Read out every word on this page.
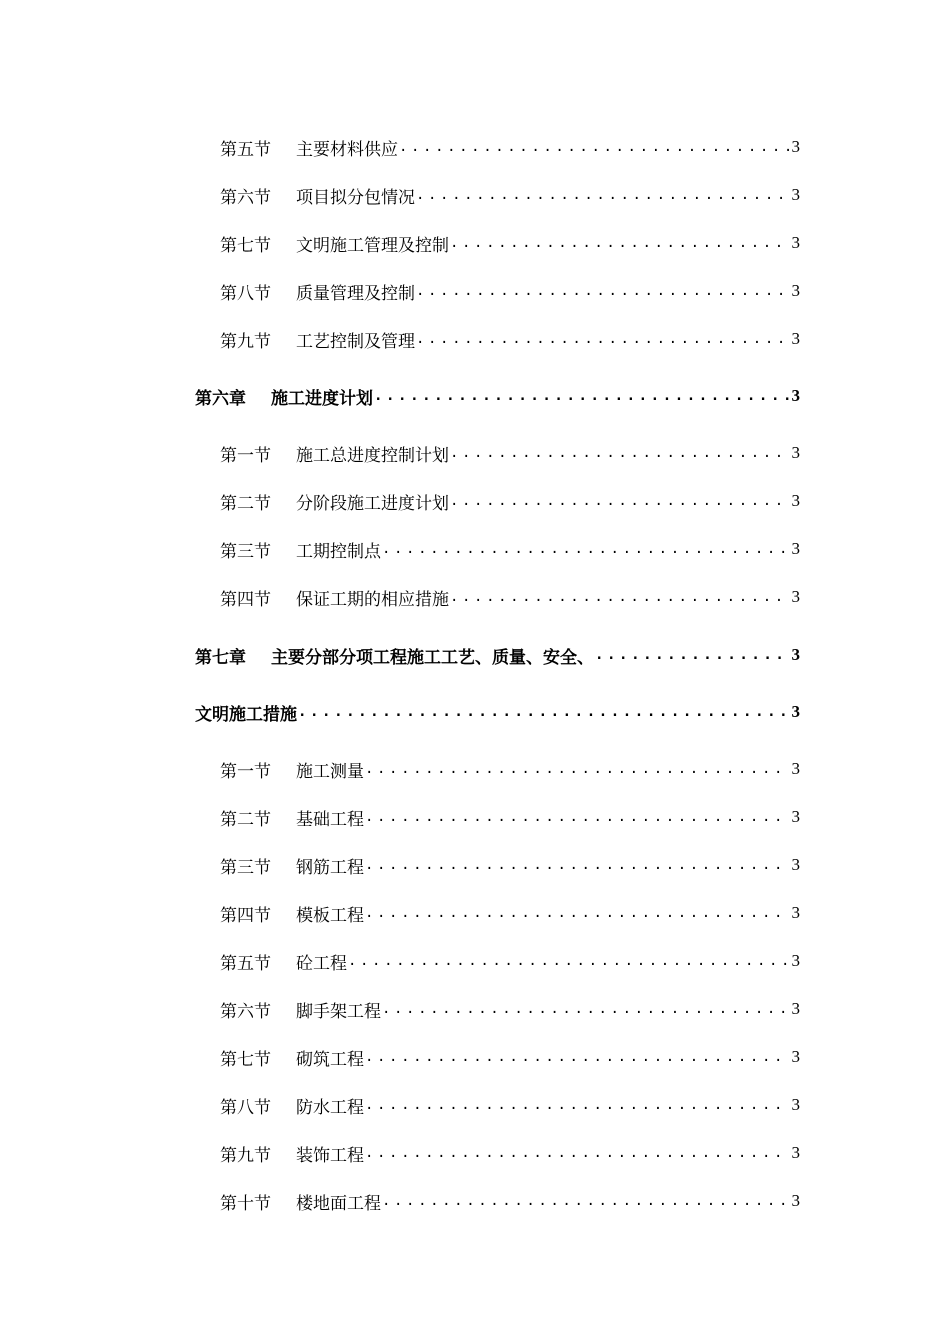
第五节	主要材料供应 .....	3
第六节	项目拟分包情况 .....	3
第七节	文明施工管理及控制 .....	3
第八节	质量管理及控制 .....	3
第九节	工艺控制及管理 .....	3
第六章	施工进度计划 .....	3
第一节	施工总进度控制计划 .....	3
第二节	分阶段施工进度计划 .....	3
第三节	工期控制点 .....	3
第四节	保证工期的相应措施 .....	3
第七章	主要分部分项工程施工工艺、质量、安全、 .....	3
文明施工措施 .....	3
第一节	施工测量 .....	3
第二节	基础工程 .....	3
第三节	钢筋工程 .....	3
第四节	模板工程 .....	3
第五节	砼工程 .....	3
第六节	脚手架工程 .....	3
第七节	砌筑工程 .....	3
第八节	防水工程 .....	3
第九节	装饰工程 .....	3
第十节	楼地面工程 .....	3
